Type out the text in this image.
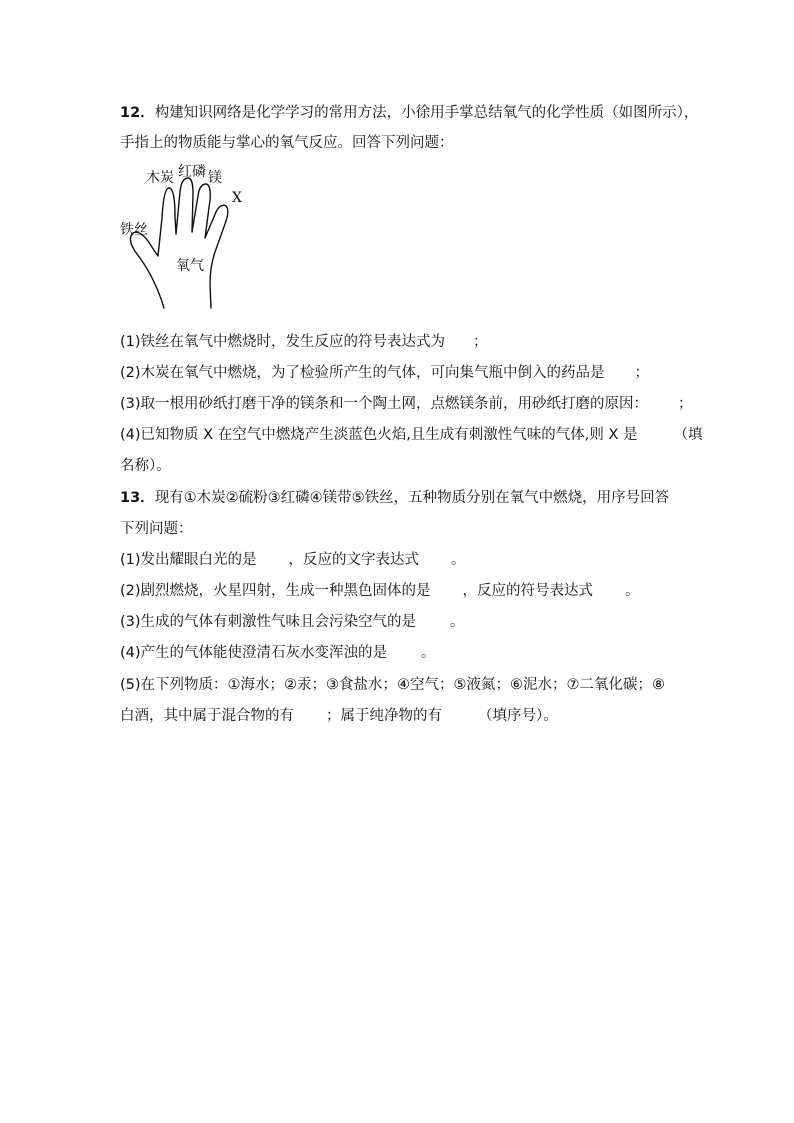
12．构建知识网络是化学学习的常用方法，小徐用手掌总结氧气的化学性质（如图所示），
手指上的物质能与掌心的氧气反应。回答下列问题：
铁丝
木炭 红磷 镁
X
氧气
(1)铁丝在氧气中燃烧时，发生反应的符号表达式为 ；
(2)木炭在氧气中燃烧，为了检验所产生的气体，可向集气瓶中倒入的药品是 ；
(3)取一根用砂纸打磨干净的镁条和一个陶土网，点燃镁条前，用砂纸打磨的原因： ；
(4)已知物质 X 在空气中燃烧产生淡蓝色火焰,且生成有刺激性气味的气体,则 X 是 （填
名称）。
13．现有①木炭②硫粉③红磷④镁带⑤铁丝，五种物质分别在氧气中燃烧，用序号回答
下列问题：
(1)发出耀眼白光的是 ，反应的文字表达式 。
(2)剧烈燃烧，火星四射，生成一种黑色固体的是 ，反应的符号表达式 。
(3)生成的气体有刺激性气味且会污染空气的是 。
(4)产生的气体能使澄清石灰水变浑浊的是 。
(5)在下列物质：①海水；②汞；③食盐水；④空气；⑤液氮；⑥泥水；⑦二氧化碳；⑧
白酒，其中属于混合物的有 ；属于纯净物的有 （填序号）。
